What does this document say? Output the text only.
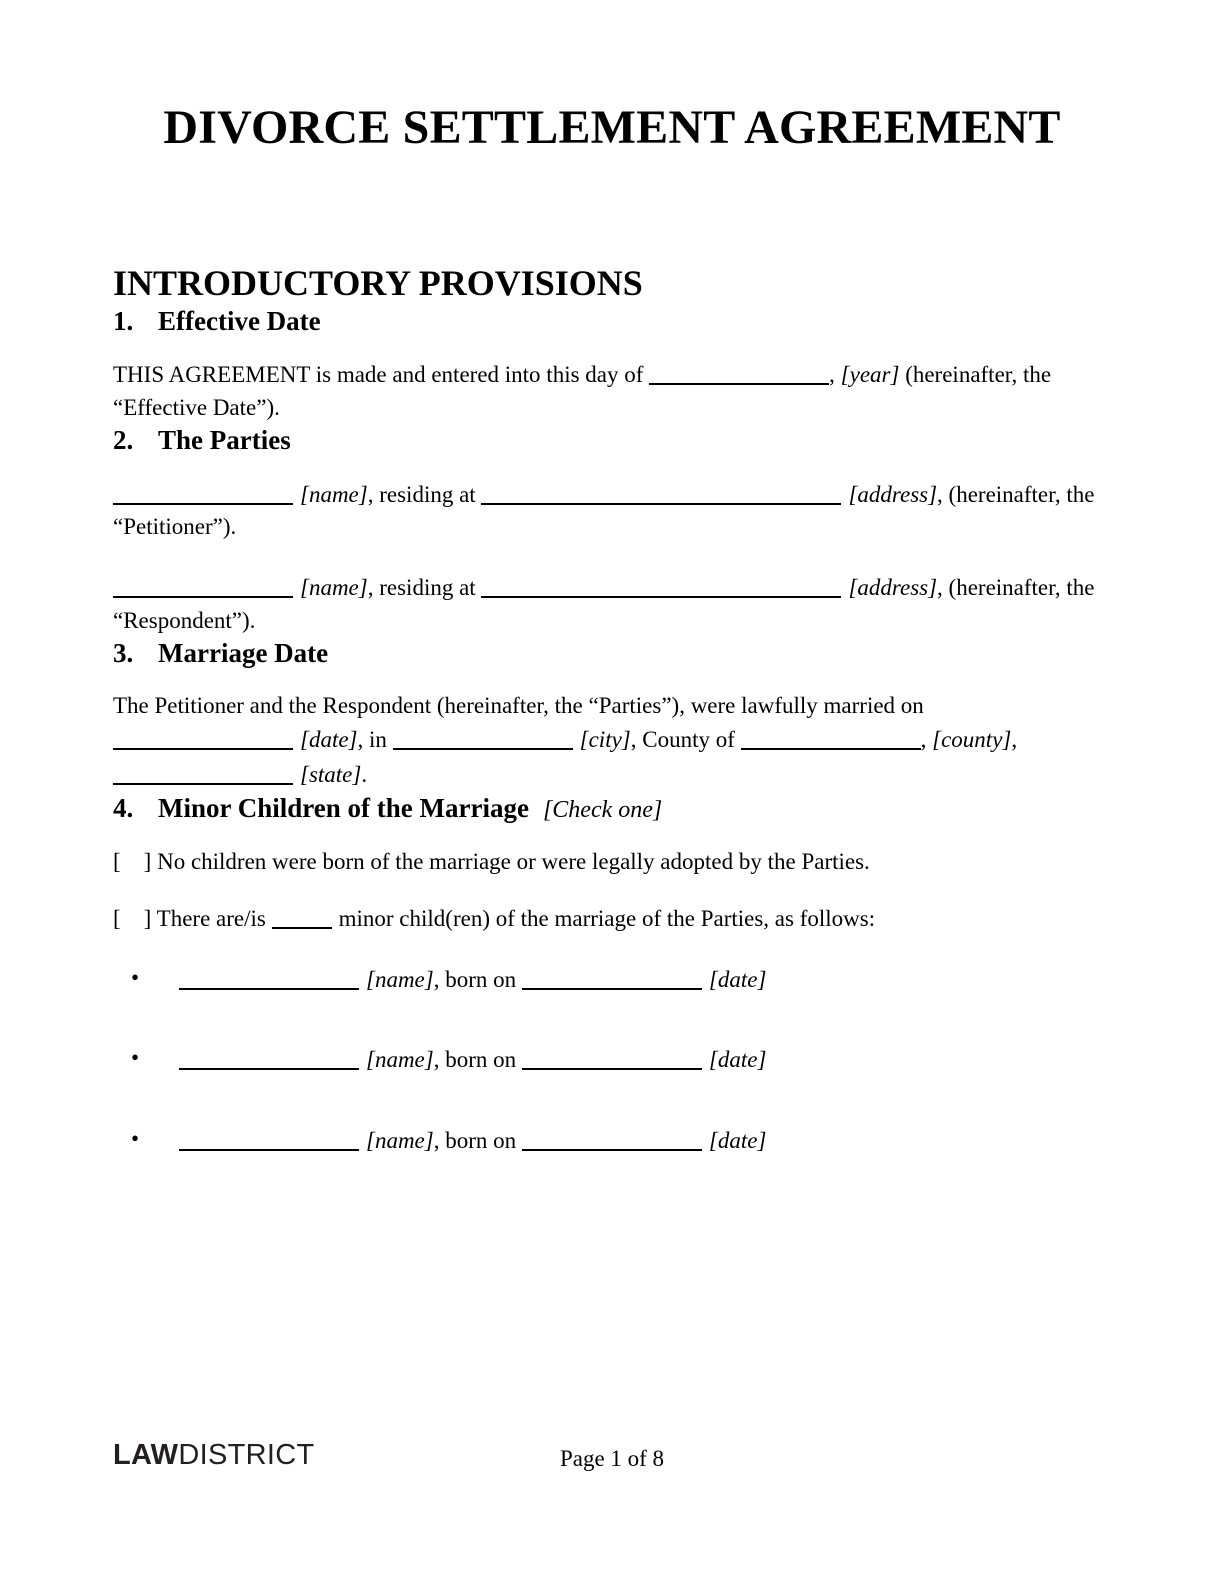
DIVORCE SETTLEMENT AGREEMENT
INTRODUCTORY PROVISIONS
1. Effective Date

THIS AGREEMENT is made and entered into this day of	, [year] (hereinafter, the “Effective Date”).

2. The Parties

[name], residing at	[address], (hereinafter, the “Petitioner”).

[name], residing at	[address], (hereinafter, the “Respondent”).

3. Marriage Date

The Petitioner and the Respondent (hereinafter, the “Parties”), were lawfully married on [date], in	[city], County of	, [county], [state].

4. Minor Children of the Marriage [Check one]

[    ] No children were born of the marriage or were legally adopted by the Parties.

[    ] There are/is	minor child(ren) of the marriage of the Parties, as follows:

•	[name], born on	[date]

•	[name], born on	[date]

•	[name], born on	[date]

LAWDISTRICT	Page 1 of 8
